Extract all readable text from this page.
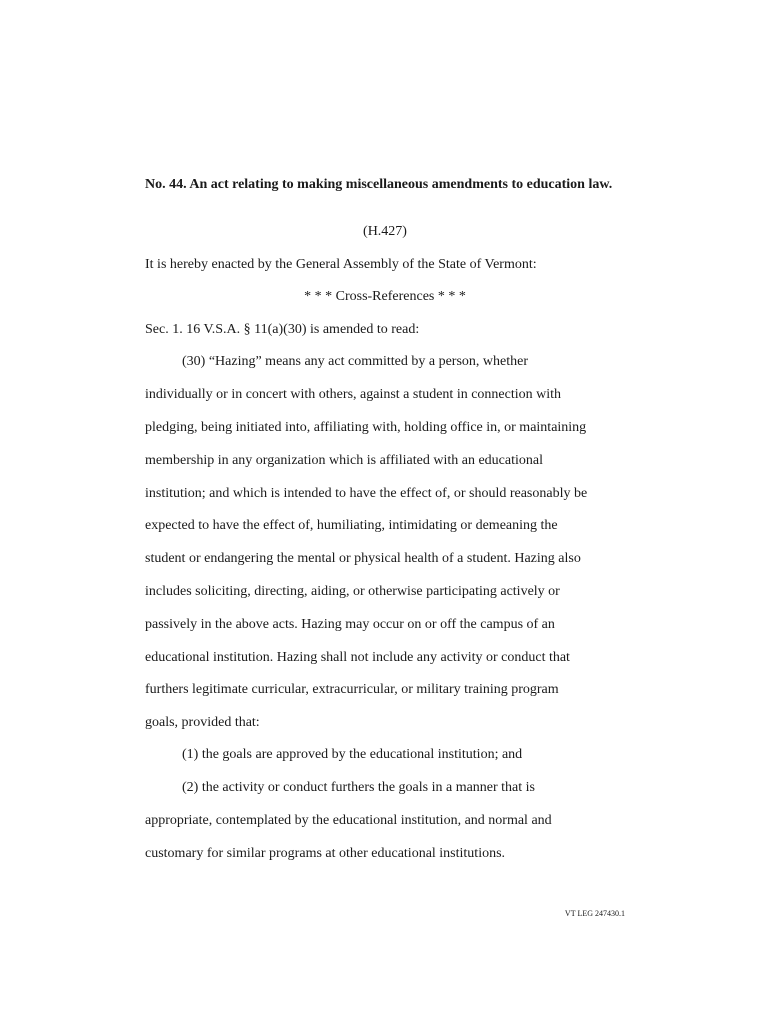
No. 44. An act relating to making miscellaneous amendments to education law.
(H.427)
It is hereby enacted by the General Assembly of the State of Vermont:
* * * Cross-References * * *
Sec. 1. 16 V.S.A. § 11(a)(30) is amended to read:
(30) “Hazing” means any act committed by a person, whether
individually or in concert with others, against a student in connection with
pledging, being initiated into, affiliating with, holding office in, or maintaining
membership in any organization which is affiliated with an educational
institution; and which is intended to have the effect of, or should reasonably be
expected to have the effect of, humiliating, intimidating or demeaning the
student or endangering the mental or physical health of a student. Hazing also
includes soliciting, directing, aiding, or otherwise participating actively or
passively in the above acts. Hazing may occur on or off the campus of an
educational institution. Hazing shall not include any activity or conduct that
furthers legitimate curricular, extracurricular, or military training program
goals, provided that:
(1) the goals are approved by the educational institution; and
(2) the activity or conduct furthers the goals in a manner that is
appropriate, contemplated by the educational institution, and normal and
customary for similar programs at other educational institutions.
VT LEG 247430.1
